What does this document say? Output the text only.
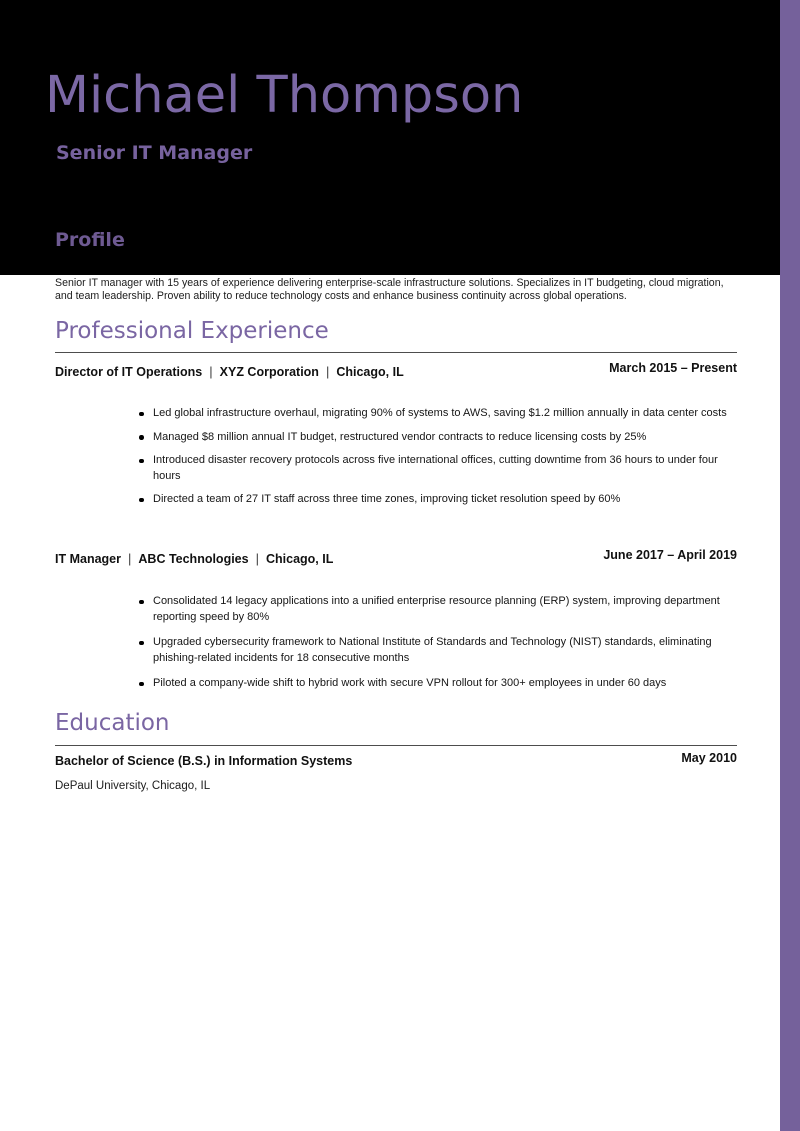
Michael Thompson
Senior IT Manager
Profile
Senior IT manager with 15 years of experience delivering enterprise-scale infrastructure solutions. Specializes in IT budgeting, cloud migration, and team leadership. Proven ability to reduce technology costs and enhance business continuity across global operations.
Professional Experience
Director of IT Operations | XYZ Corporation | Chicago, IL	March 2015 – Present
Led global infrastructure overhaul, migrating 90% of systems to AWS, saving $1.2 million annually in data center costs
Managed $8 million annual IT budget, restructured vendor contracts to reduce licensing costs by 25%
Introduced disaster recovery protocols across five international offices, cutting downtime from 36 hours to under four hours
Directed a team of 27 IT staff across three time zones, improving ticket resolution speed by 60%
IT Manager | ABC Technologies | Chicago, IL	June 2017 – April 2019
Consolidated 14 legacy applications into a unified enterprise resource planning (ERP) system, improving department reporting speed by 80%
Upgraded cybersecurity framework to National Institute of Standards and Technology (NIST) standards, eliminating phishing-related incidents for 18 consecutive months
Piloted a company-wide shift to hybrid work with secure VPN rollout for 300+ employees in under 60 days
Education
Bachelor of Science (B.S.) in Information Systems	May 2010
DePaul University, Chicago, IL
